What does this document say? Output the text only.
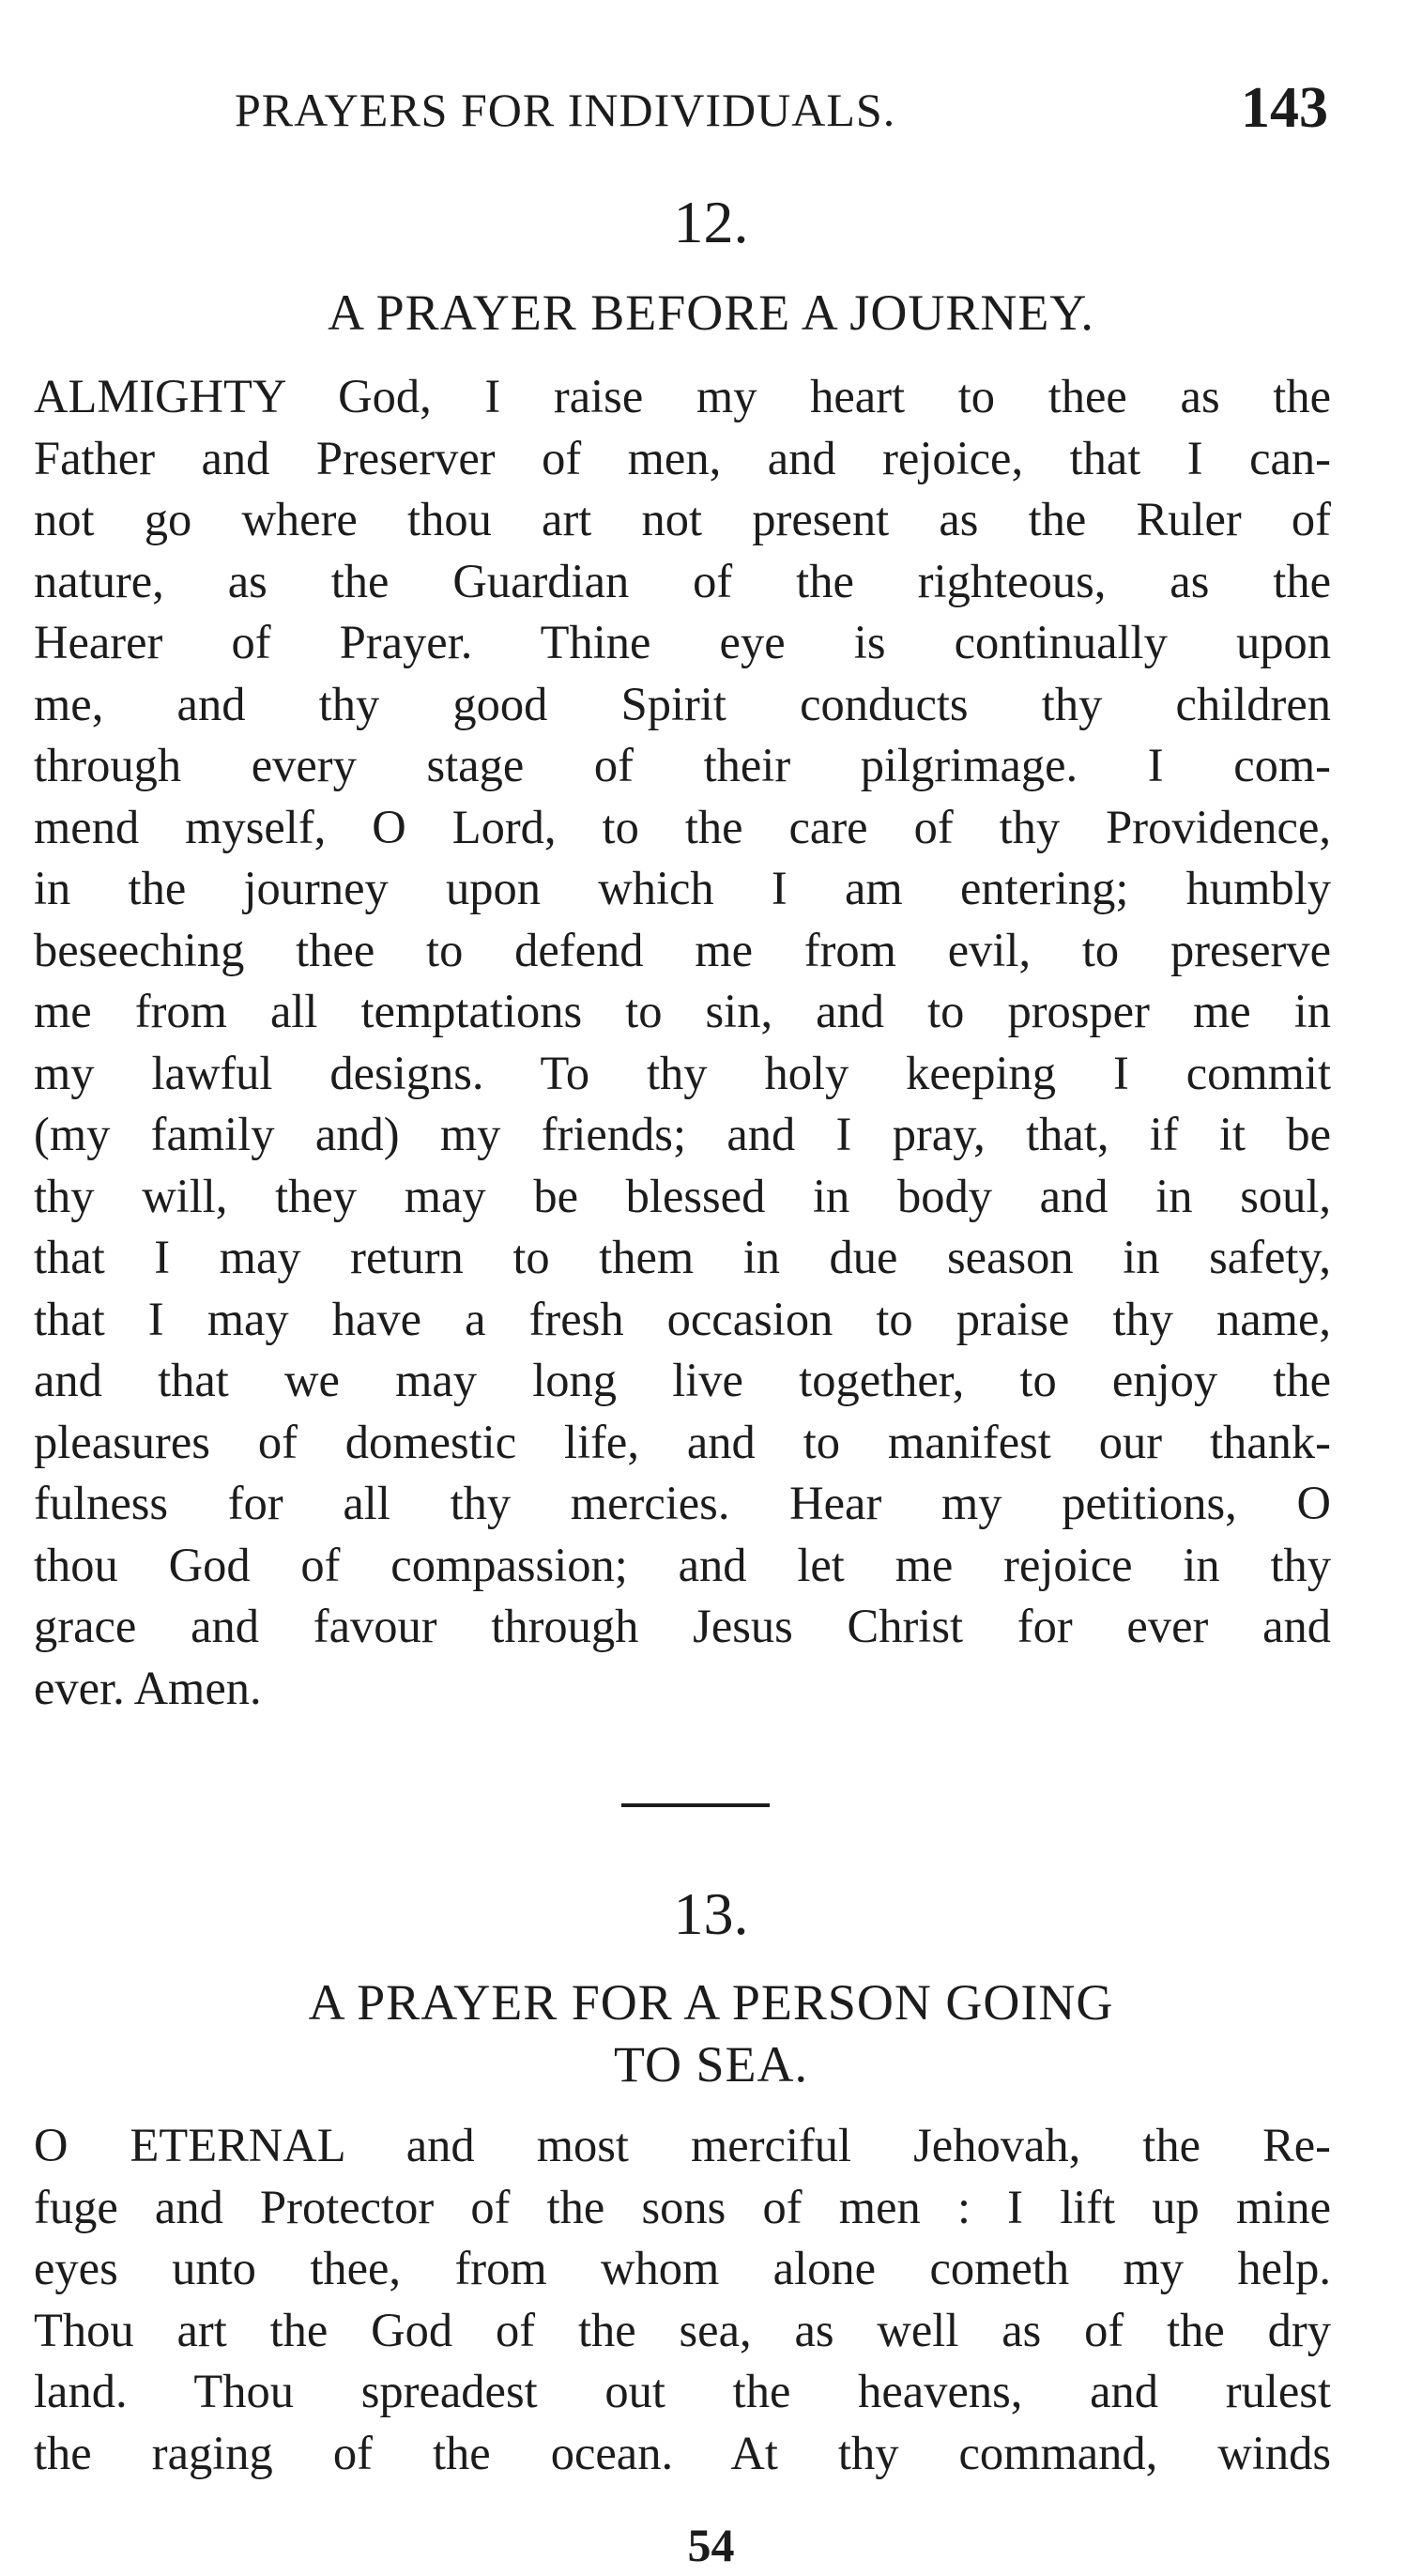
PRAYERS FOR INDIVIDUALS.	143
12.
A PRAYER BEFORE A JOURNEY.
ALMIGHTY God, I raise my heart to thee as the
Father and Preserver of men, and rejoice, that I can-
not go where thou art not present as the Ruler of
nature, as the Guardian of the righteous, as the
Hearer of Prayer. Thine eye is continually upon
me, and thy good Spirit conducts thy children
through every stage of their pilgrimage. I com-
mend myself, O Lord, to the care of thy Providence,
in the journey upon which I am entering; humbly
beseeching thee to defend me from evil, to preserve
me from all temptations to sin, and to prosper me in
my lawful designs. To thy holy keeping I commit
(my family and) my friends; and I pray, that, if it be
thy will, they may be blessed in body and in soul,
that I may return to them in due season in safety,
that I may have a fresh occasion to praise thy name,
and that we may long live together, to enjoy the
pleasures of domestic life, and to manifest our thank-
fulness for all thy mercies. Hear my petitions, O
thou God of compassion; and let me rejoice in thy
grace and favour through Jesus Christ for ever and
ever. Amen.
13.
A PRAYER FOR A PERSON GOING
TO SEA.
O ETERNAL and most merciful Jehovah, the Re-
fuge and Protector of the sons of men : I lift up mine
eyes unto thee, from whom alone cometh my help.
Thou art the God of the sea, as well as of the dry
land. Thou spreadest out the heavens, and rulest
the raging of the ocean. At thy command, winds
54
